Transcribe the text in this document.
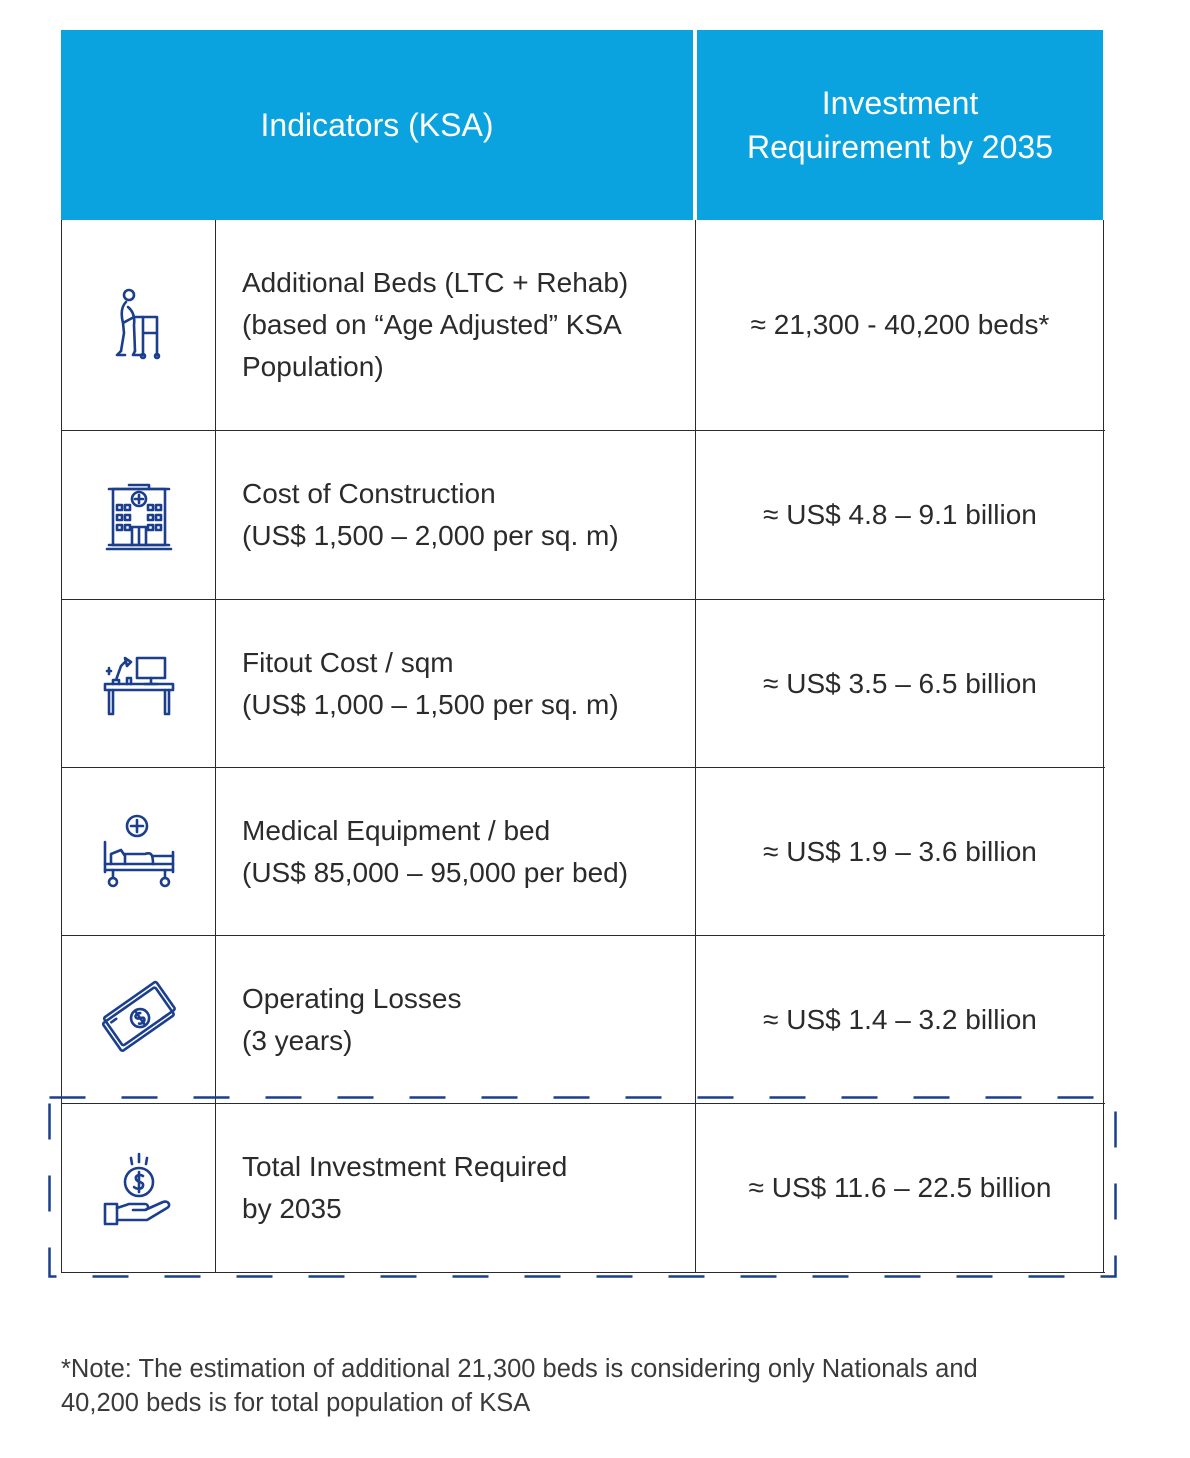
Indicators (KSA)
Investment
Requirement by 2035
Additional Beds (LTC + Rehab)
(based on “Age Adjusted” KSA
Population)
≈ 21,300 - 40,200 beds*
Cost of Construction
(US$ 1,500 – 2,000 per sq. m)
≈ US$ 4.8 – 9.1 billion
Fitout Cost / sqm
(US$ 1,000 – 1,500 per sq. m)
≈ US$ 3.5 – 6.5 billion
Medical Equipment / bed
(US$ 85,000 – 95,000 per bed)
≈ US$ 1.9 – 3.6 billion
Operating Losses
(3 years)
≈ US$ 1.4 – 3.2 billion
Total Investment Required
by 2035
≈ US$ 11.6 – 22.5 billion
*Note: The estimation of additional 21,300 beds is considering only Nationals and
40,200 beds is for total population of KSA
